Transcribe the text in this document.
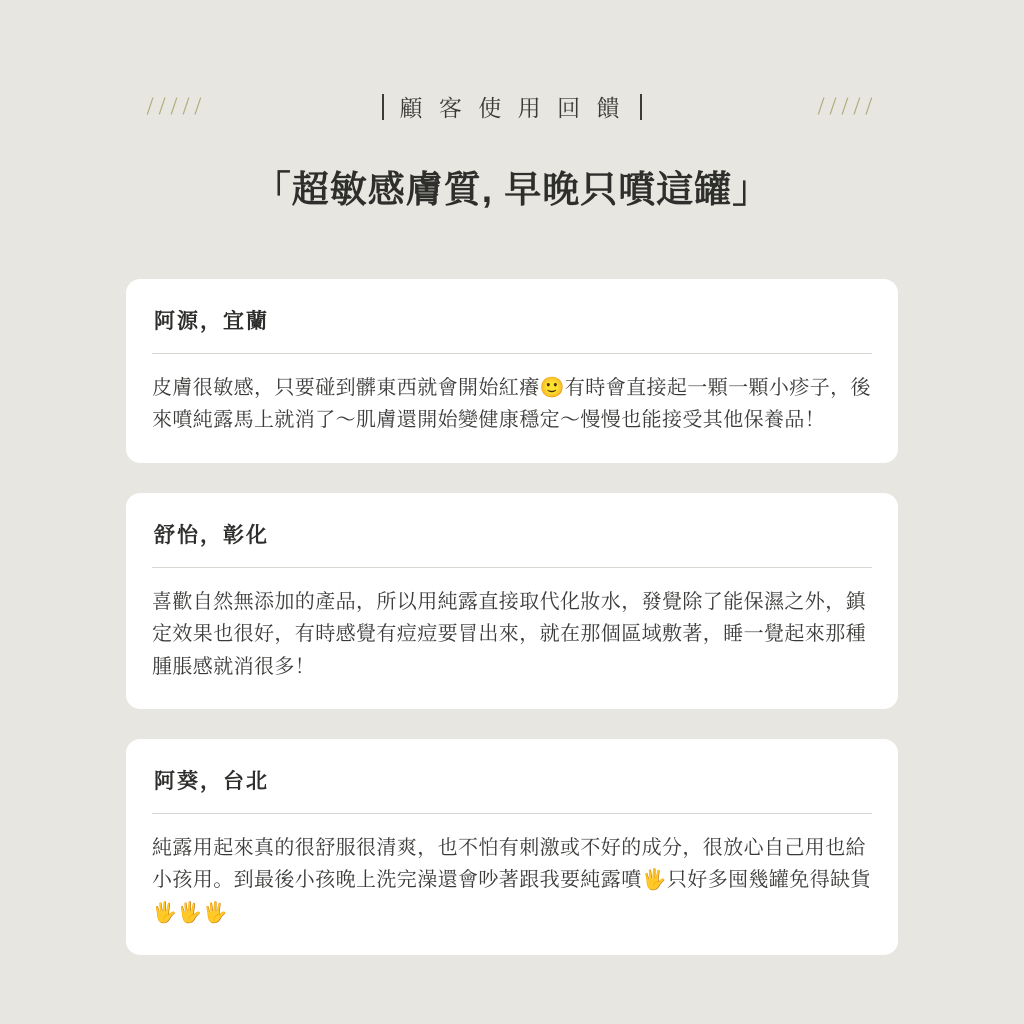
/////	顧 客 使 用 回 饋	/////
「超敏感膚質, 早晚只噴這罐」
阿源，宜蘭
皮膚很敏感，只要碰到髒東西就會開始紅癢🙂有時會直接起一顆一顆小疹子，後來噴純露馬上就消了～肌膚還開始變健康穩定～慢慢也能接受其他保養品！
舒怡，彰化
喜歡自然無添加的產品，所以用純露直接取代化妝水，發覺除了能保濕之外，鎮定效果也很好，有時感覺有痘痘要冒出來，就在那個區域敷著，睡一覺起來那種腫脹感就消很多！
阿葵，台北
純露用起來真的很舒服很清爽，也不怕有刺激或不好的成分，很放心自己用也給小孩用。到最後小孩晚上洗完澡還會吵著跟我要純露噴🖐️只好多囤幾罐免得缺貨🖐️🖐️🖐️
